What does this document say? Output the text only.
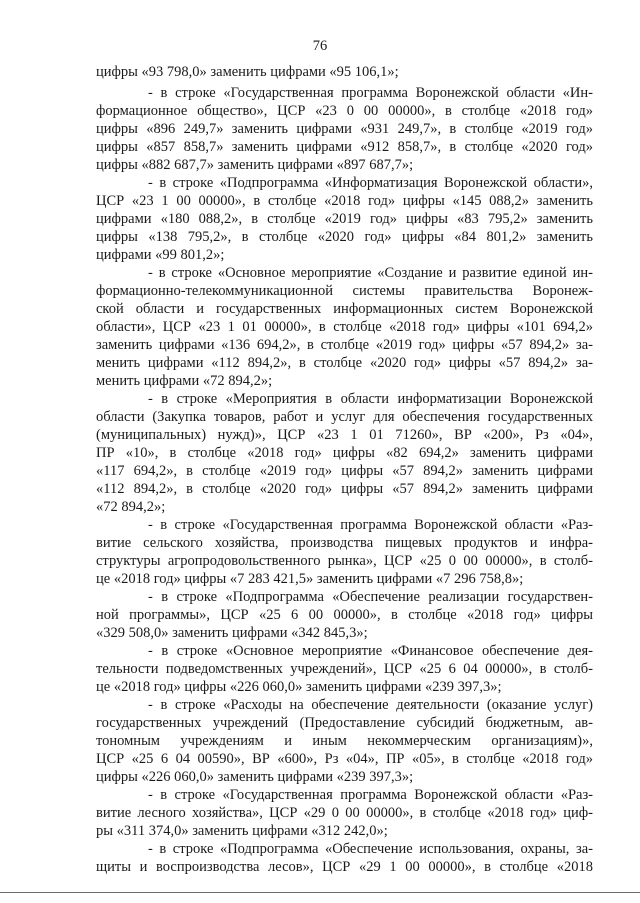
76
цифры «93 798,0» заменить цифрами «95 106,1»;
- в строке «Государственная программа Воронежской области «Ин-
формационное общество», ЦСР «23 0 00 00000», в столбце «2018 год»
цифры «896 249,7» заменить цифрами «931 249,7», в столбце «2019 год»
цифры «857 858,7» заменить цифрами «912 858,7», в столбце «2020 год»
цифры «882 687,7» заменить цифрами «897 687,7»;
- в строке «Подпрограмма «Информатизация Воронежской области»,
ЦСР «23 1 00 00000», в столбце «2018 год» цифры «145 088,2» заменить
цифрами «180 088,2», в столбце «2019 год» цифры «83 795,2» заменить
цифры «138 795,2», в столбце «2020 год» цифры «84 801,2» заменить
цифрами «99 801,2»;
- в строке «Основное мероприятие «Создание и развитие единой ин-
формационно-телекоммуникационной системы правительства Воронеж-
ской области и государственных информационных систем Воронежской
области», ЦСР «23 1 01 00000», в столбце «2018 год» цифры «101 694,2»
заменить цифрами «136 694,2», в столбце «2019 год» цифры «57 894,2» за-
менить цифрами «112 894,2», в столбце «2020 год» цифры «57 894,2» за-
менить цифрами «72 894,2»;
- в строке «Мероприятия в области информатизации Воронежской
области (Закупка товаров, работ и услуг для обеспечения государственных
(муниципальных) нужд)», ЦСР «23 1 01 71260», ВР «200», Рз «04»,
ПР «10», в столбце «2018 год» цифры «82 694,2» заменить цифрами
«117 694,2», в столбце «2019 год» цифры «57 894,2» заменить цифрами
«112 894,2», в столбце «2020 год» цифры «57 894,2» заменить цифрами
«72 894,2»;
- в строке «Государственная программа Воронежской области «Раз-
витие сельского хозяйства, производства пищевых продуктов и инфра-
структуры агропродовольственного рынка», ЦСР «25 0 00 00000», в столб-
це «2018 год» цифры «7 283 421,5» заменить цифрами «7 296 758,8»;
- в строке «Подпрограмма «Обеспечение реализации государствен-
ной программы», ЦСР «25 6 00 00000», в столбце «2018 год» цифры
«329 508,0» заменить цифрами «342 845,3»;
- в строке «Основное мероприятие «Финансовое обеспечение дея-
тельности подведомственных учреждений», ЦСР «25 6 04 00000», в столб-
це «2018 год» цифры «226 060,0» заменить цифрами «239 397,3»;
- в строке «Расходы на обеспечение деятельности (оказание услуг)
государственных учреждений (Предоставление субсидий бюджетным, ав-
тономным учреждениям и иным некоммерческим организациям)»,
ЦСР «25 6 04 00590», ВР «600», Рз «04», ПР «05», в столбце «2018 год»
цифры «226 060,0» заменить цифрами «239 397,3»;
- в строке «Государственная программа Воронежской области «Раз-
витие лесного хозяйства», ЦСР «29 0 00 00000», в столбце «2018 год» циф-
ры «311 374,0» заменить цифрами «312 242,0»;
- в строке «Подпрограмма «Обеспечение использования, охраны, за-
щиты и воспроизводства лесов», ЦСР «29 1 00 00000», в столбце «2018
